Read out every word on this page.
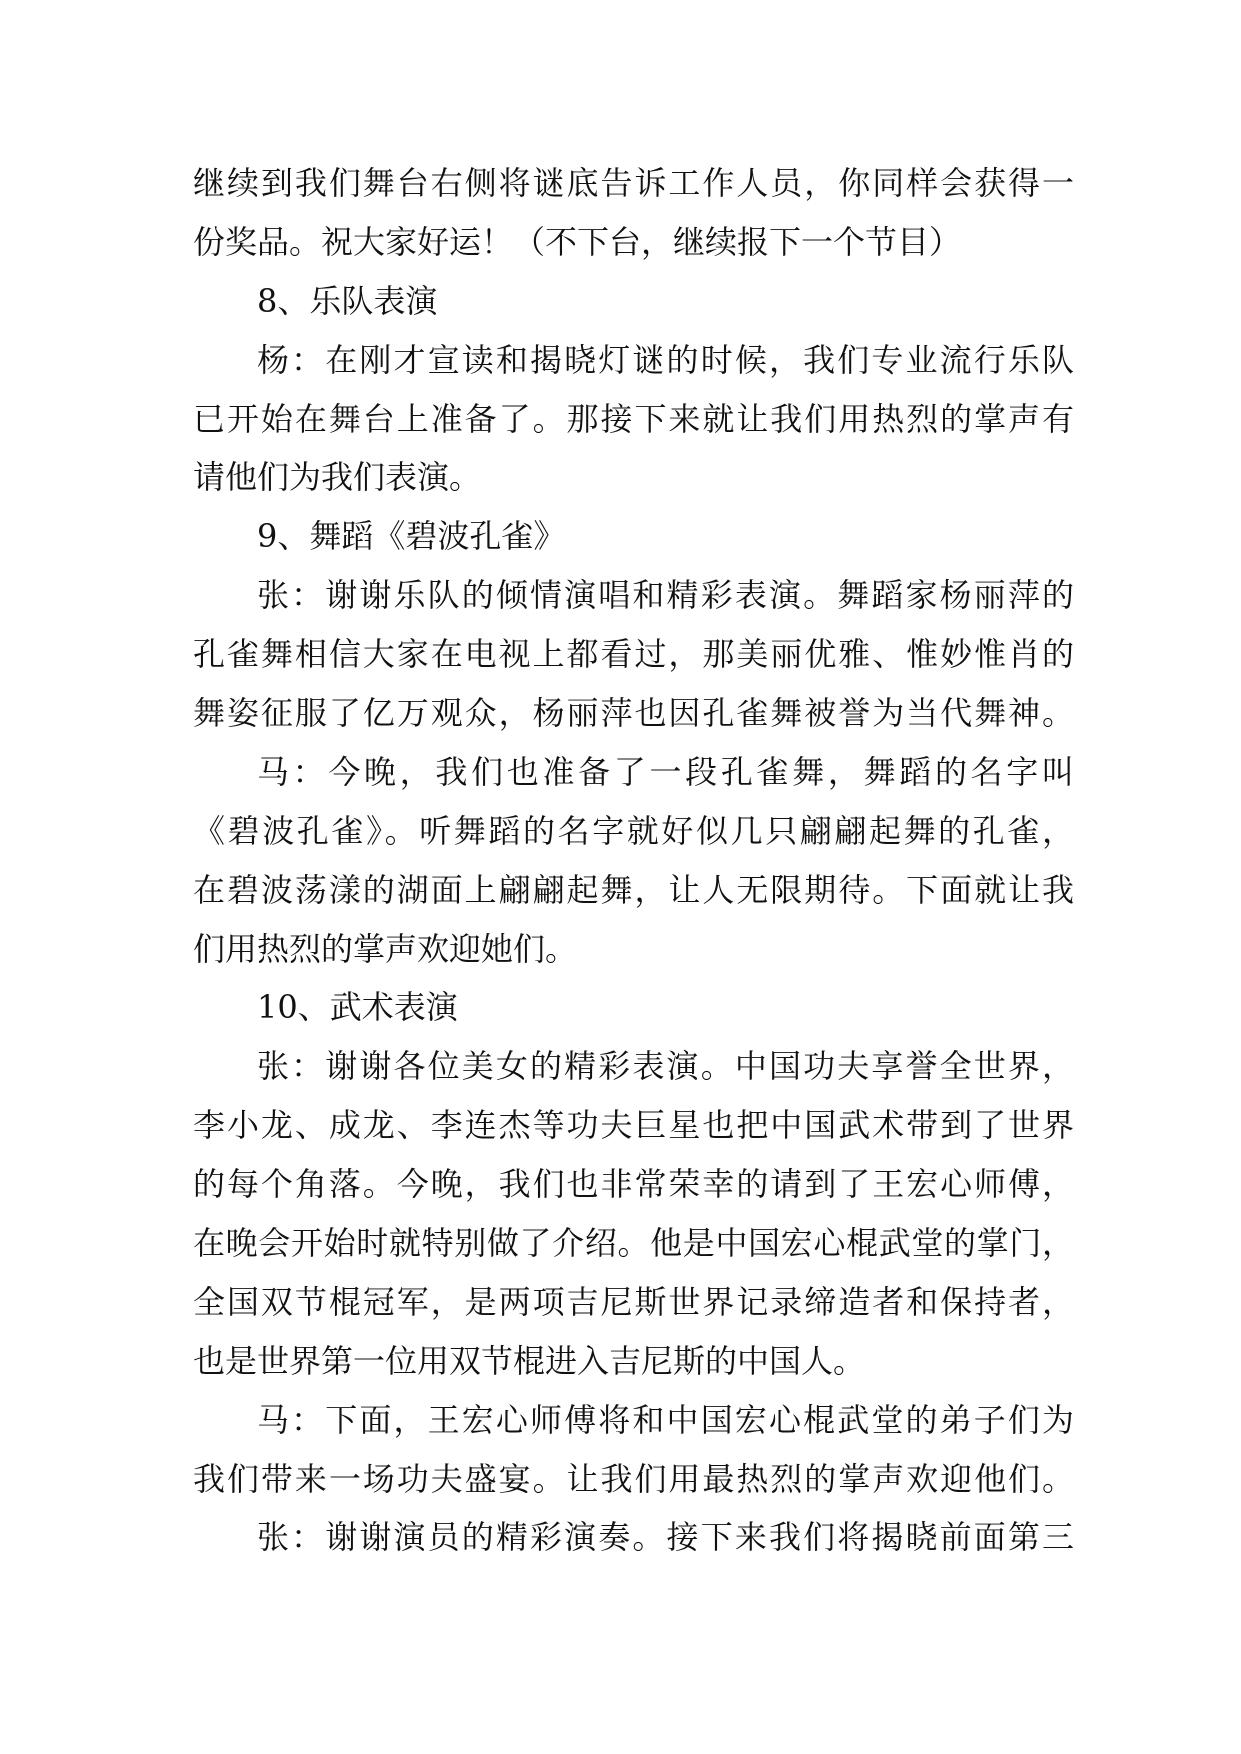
继续到我们舞台右侧将谜底告诉工作人员，你同样会获得一
份奖品。祝大家好运！（不下台，继续报下一个节目）
8、乐队表演
杨：在刚才宣读和揭晓灯谜的时候，我们专业流行乐队
已开始在舞台上准备了。那接下来就让我们用热烈的掌声有
请他们为我们表演。
9、舞蹈《碧波孔雀》
张：谢谢乐队的倾情演唱和精彩表演。舞蹈家杨丽萍的
孔雀舞相信大家在电视上都看过，那美丽优雅、惟妙惟肖的
舞姿征服了亿万观众，杨丽萍也因孔雀舞被誉为当代舞神。
马：今晚，我们也准备了一段孔雀舞，舞蹈的名字叫
《碧波孔雀》。听舞蹈的名字就好似几只翩翩起舞的孔雀，
在碧波荡漾的湖面上翩翩起舞，让人无限期待。下面就让我
们用热烈的掌声欢迎她们。
10、武术表演
张：谢谢各位美女的精彩表演。中国功夫享誉全世界，
李小龙、成龙、李连杰等功夫巨星也把中国武术带到了世界
的每个角落。今晚，我们也非常荣幸的请到了王宏心师傅，
在晚会开始时就特别做了介绍。他是中国宏心棍武堂的掌门，
全国双节棍冠军，是两项吉尼斯世界记录缔造者和保持者，
也是世界第一位用双节棍进入吉尼斯的中国人。
马：下面，王宏心师傅将和中国宏心棍武堂的弟子们为
我们带来一场功夫盛宴。让我们用最热烈的掌声欢迎他们。
张：谢谢演员的精彩演奏。接下来我们将揭晓前面第三
